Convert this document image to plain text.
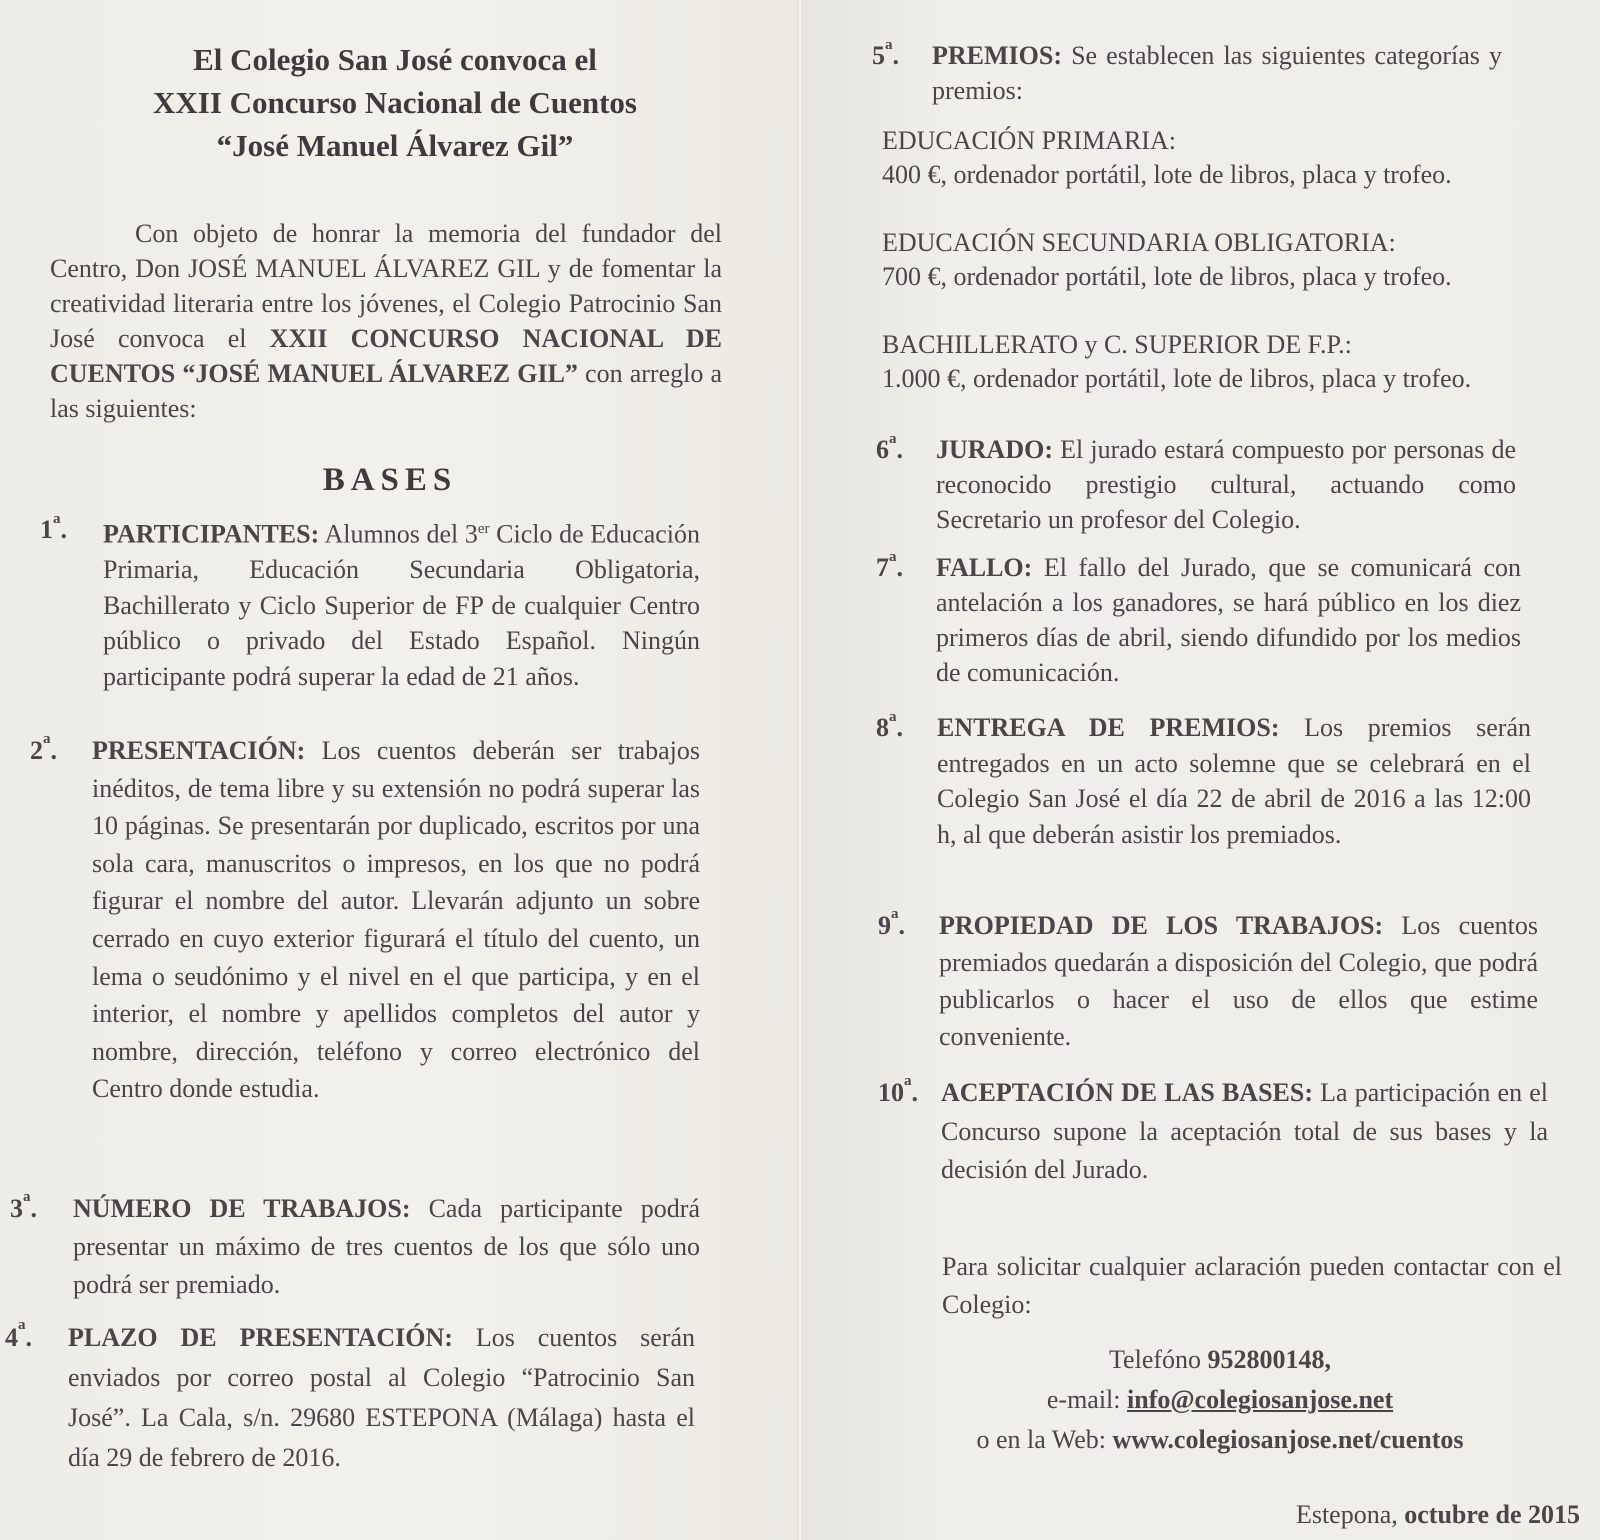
El Colegio San José convoca el
XXII Concurso Nacional de Cuentos
“José Manuel Álvarez Gil”
Con objeto de honrar la memoria del fundador del Centro, Don JOSÉ MANUEL ÁLVAREZ GIL y de fomentar la creatividad literaria entre los jóvenes, el Colegio Patrocinio San José convoca el XXII CONCURSO NACIONAL DE CUENTOS “JOSÉ MANUEL ÁLVAREZ GIL” con arreglo a las siguientes:
BASES
1$^a$. PARTICIPANTES: Alumnos del 3er Ciclo de Educación Primaria, Educación Secundaria Obligatoria, Bachillerato y Ciclo Superior de FP de cualquier Centro público o privado del Estado Español. Ningún participante podrá superar la edad de 21 años.
2$^a$. PRESENTACIÓN: Los cuentos deberán ser trabajos inéditos, de tema libre y su extensión no podrá superar las 10 páginas. Se presentarán por duplicado, escritos por una sola cara, manuscritos o impresos, en los que no podrá figurar el nombre del autor. Llevarán adjunto un sobre cerrado en cuyo exterior figurará el título del cuento, un lema o seudónimo y el nivel en el que participa, y en el interior, el nombre y apellidos completos del autor y nombre, dirección, teléfono y correo electrónico del Centro donde estudia.
3$^a$. NÚMERO DE TRABAJOS: Cada participante podrá presentar un máximo de tres cuentos de los que sólo uno podrá ser premiado.
4$^a$. PLAZO DE PRESENTACIÓN: Los cuentos serán enviados por correo postal al Colegio “Patrocinio San José”. La Cala, s/n. 29680 ESTEPONA (Málaga) hasta el día 29 de febrero de 2016.
5$^a$. PREMIOS: Se establecen las siguientes categorías y premios:
EDUCACIÓN PRIMARIA:
400 €, ordenador portátil, lote de libros, placa y trofeo.
EDUCACIÓN SECUNDARIA OBLIGATORIA:
700 €, ordenador portátil, lote de libros, placa y trofeo.
BACHILLERATO y C. SUPERIOR DE F.P.:
1.000 €, ordenador portátil, lote de libros, placa y trofeo.
6$^a$. JURADO: El jurado estará compuesto por personas de reconocido prestigio cultural, actuando como Secretario un profesor del Colegio.
7$^a$. FALLO: El fallo del Jurado, que se comunicará con antelación a los ganadores, se hará público en los diez primeros días de abril, siendo difundido por los medios de comunicación.
8$^a$. ENTREGA DE PREMIOS: Los premios serán entregados en un acto solemne que se celebrará en el Colegio San José el día 22 de abril de 2016 a las 12:00 h, al que deberán asistir los premiados.
9$^a$. PROPIEDAD DE LOS TRABAJOS: Los cuentos premiados quedarán a disposición del Colegio, que podrá publicarlos o hacer el uso de ellos que estime conveniente.
10$^a$. ACEPTACIÓN DE LAS BASES: La participación en el Concurso supone la aceptación total de sus bases y la decisión del Jurado.
Para solicitar cualquier aclaración pueden contactar con el Colegio:
Telefóno 952800148,
e-mail: info@colegiosanjose.net
o en la Web: www.colegiosanjose.net/cuentos
Estepona, octubre de 2015
